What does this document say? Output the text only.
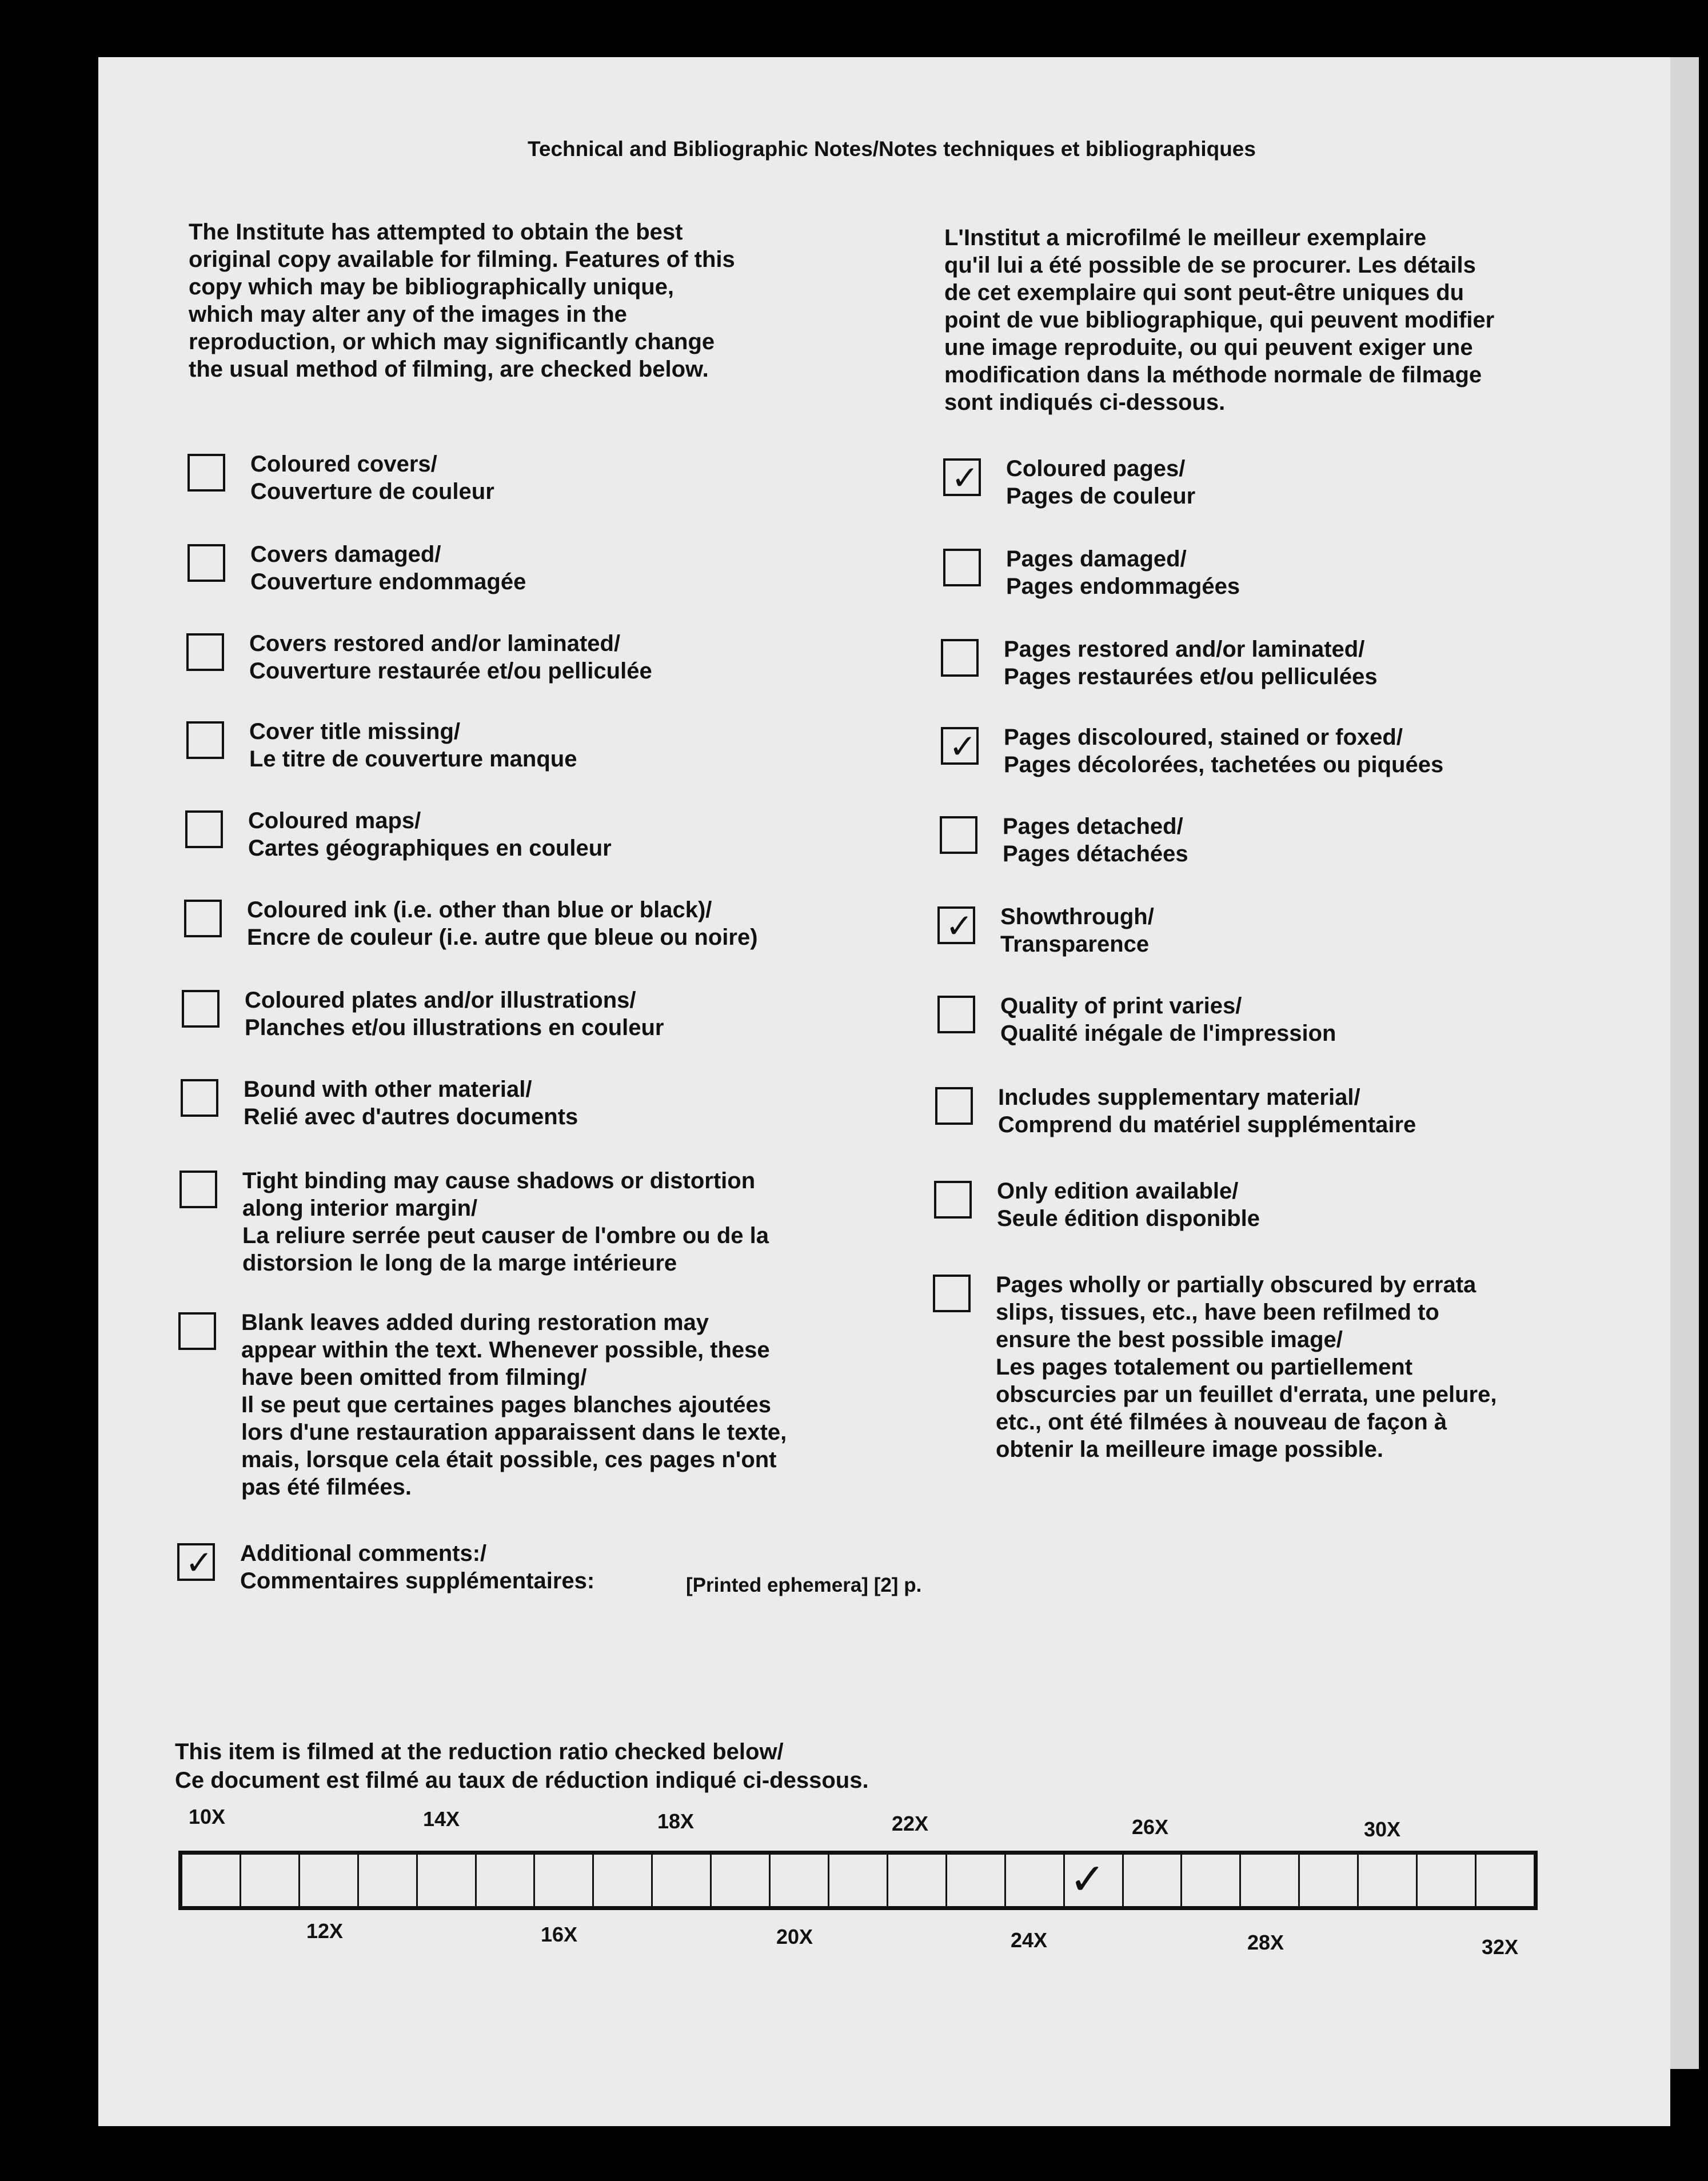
Technical and Bibliographic Notes/Notes techniques et bibliographiques
The Institute has attempted to obtain the best
original copy available for filming. Features of this
copy which may be bibliographically unique,
which may alter any of the images in the
reproduction, or which may significantly change
the usual method of filming, are checked below.
L'Institut a microfilmé le meilleur exemplaire
qu'il lui a été possible de se procurer. Les détails
de cet exemplaire qui sont peut-être uniques du
point de vue bibliographique, qui peuvent modifier
une image reproduite, ou qui peuvent exiger une
modification dans la méthode normale de filmage
sont indiqués ci-dessous.
Coloured covers/
Couverture de couleur
Covers damaged/
Couverture endommagée
Covers restored and/or laminated/
Couverture restaurée et/ou pelliculée
Cover title missing/
Le titre de couverture manque
Coloured maps/
Cartes géographiques en couleur
Coloured ink (i.e. other than blue or black)/
Encre de couleur (i.e. autre que bleue ou noire)
Coloured plates and/or illustrations/
Planches et/ou illustrations en couleur
Bound with other material/
Relié avec d'autres documents
Tight binding may cause shadows or distortion
along interior margin/
La reliure serrée peut causer de l'ombre ou de la
distorsion le long de la marge intérieure
Blank leaves added during restoration may
appear within the text. Whenever possible, these
have been omitted from filming/
Il se peut que certaines pages blanches ajoutées
lors d'une restauration apparaissent dans le texte,
mais, lorsque cela était possible, ces pages n'ont
pas été filmées.
✓ Additional comments:/
Commentaires supplémentaires:	[Printed ephemera] [2] p.
✓ Coloured pages/
Pages de couleur
Pages damaged/
Pages endommagées
Pages restored and/or laminated/
Pages restaurées et/ou pelliculées
✓ Pages discoloured, stained or foxed/
Pages décolorées, tachetées ou piquées
Pages detached/
Pages détachées
✓ Showthrough/
Transparence
Quality of print varies/
Qualité inégale de l'impression
Includes supplementary material/
Comprend du matériel supplémentaire
Only edition available/
Seule édition disponible
Pages wholly or partially obscured by errata
slips, tissues, etc., have been refilmed to
ensure the best possible image/
Les pages totalement ou partiellement
obscurcies par un feuillet d'errata, une pelure,
etc., ont été filmées à nouveau de façon à
obtenir la meilleure image possible.
This item is filmed at the reduction ratio checked below/
Ce document est filmé au taux de réduction indiqué ci-dessous.
10X	14X	18X	22X	26X	30X
12X	16X	20X	24X	28X	32X
✓
